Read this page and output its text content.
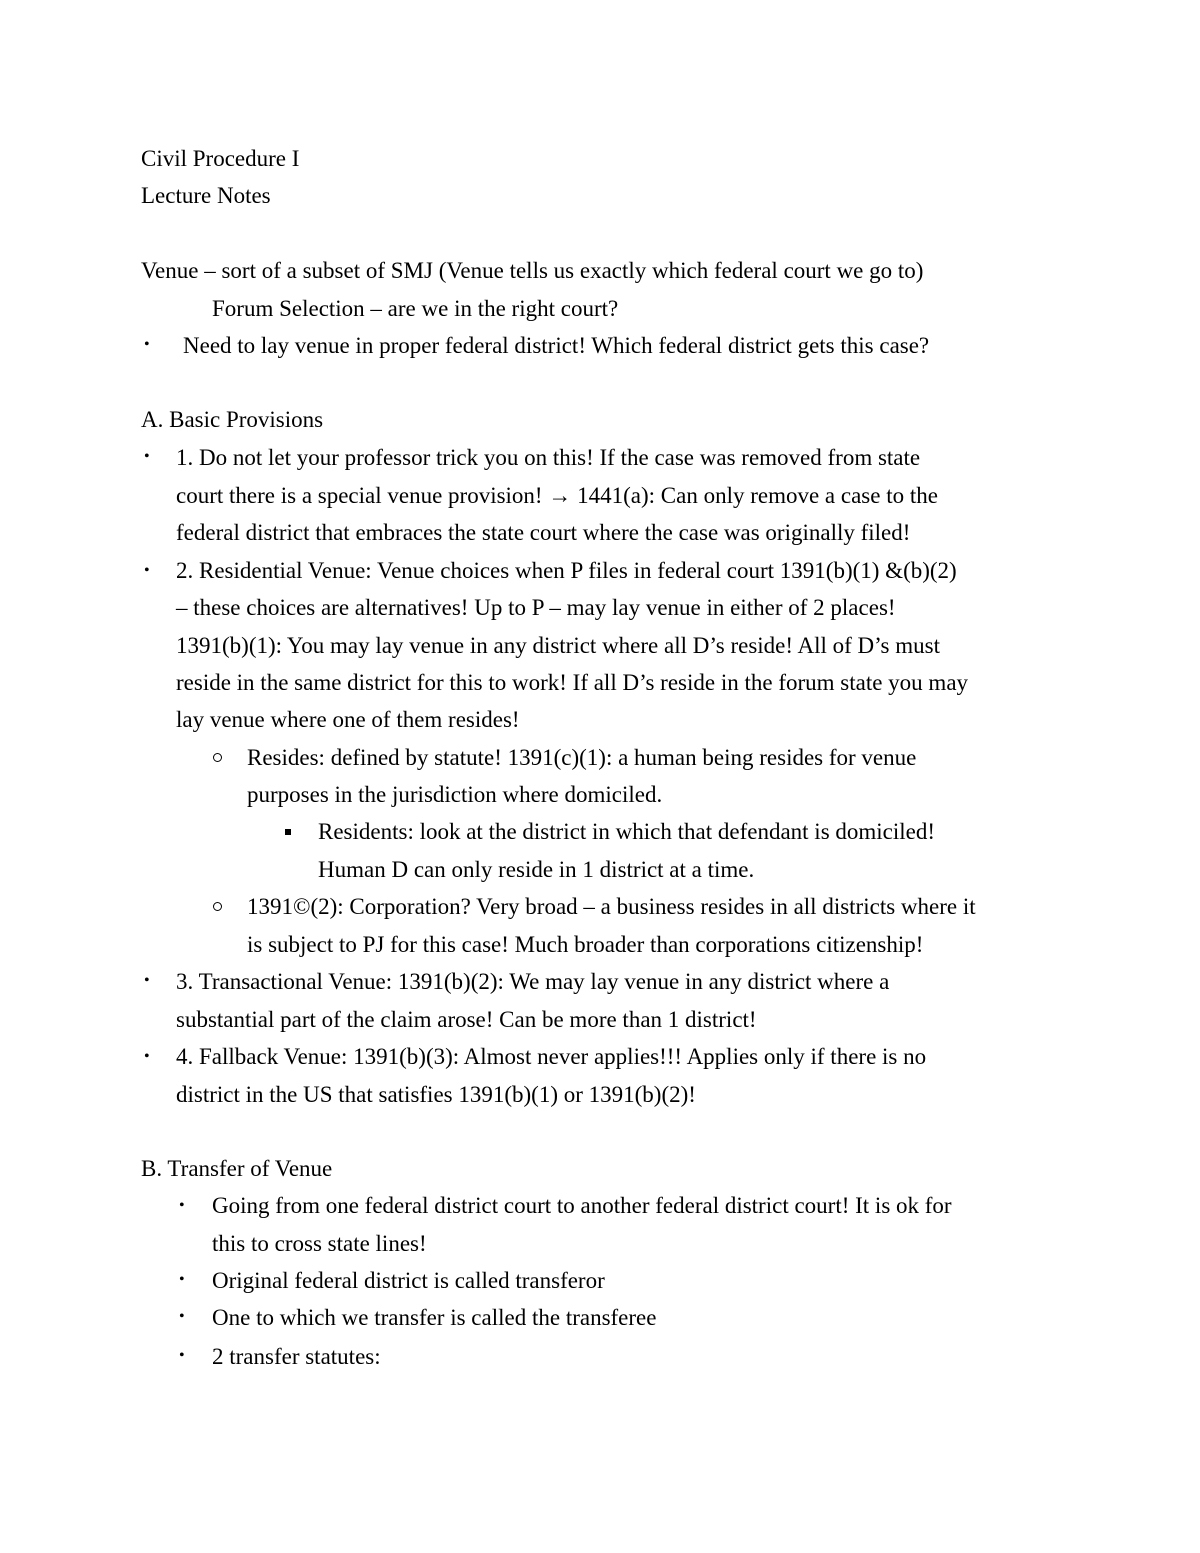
Civil Procedure I
Lecture Notes
Venue – sort of a subset of SMJ (Venue tells us exactly which federal court we go to)
Forum Selection – are we in the right court?
• Need to lay venue in proper federal district! Which federal district gets this case?
A. Basic Provisions
• 1. Do not let your professor trick you on this! If the case was removed from state
court there is a special venue provision! → 1441(a): Can only remove a case to the
federal district that embraces the state court where the case was originally filed!
• 2. Residential Venue: Venue choices when P files in federal court 1391(b)(1) &(b)(2)
– these choices are alternatives! Up to P – may lay venue in either of 2 places!
1391(b)(1): You may lay venue in any district where all D’s reside! All of D’s must
reside in the same district for this to work! If all D’s reside in the forum state you may
lay venue where one of them resides!
Resides: defined by statute! 1391(c)(1): a human being resides for venue
purposes in the jurisdiction where domiciled.
Residents: look at the district in which that defendant is domiciled!
Human D can only reside in 1 district at a time.
1391©(2): Corporation? Very broad – a business resides in all districts where it
is subject to PJ for this case! Much broader than corporations citizenship!
• 3. Transactional Venue: 1391(b)(2): We may lay venue in any district where a
substantial part of the claim arose! Can be more than 1 district!
• 4. Fallback Venue: 1391(b)(3): Almost never applies!!! Applies only if there is no
district in the US that satisfies 1391(b)(1) or 1391(b)(2)!
B. Transfer of Venue
• Going from one federal district court to another federal district court! It is ok for
this to cross state lines!
• Original federal district is called transferor
• One to which we transfer is called the transferee
• 2 transfer statutes:
